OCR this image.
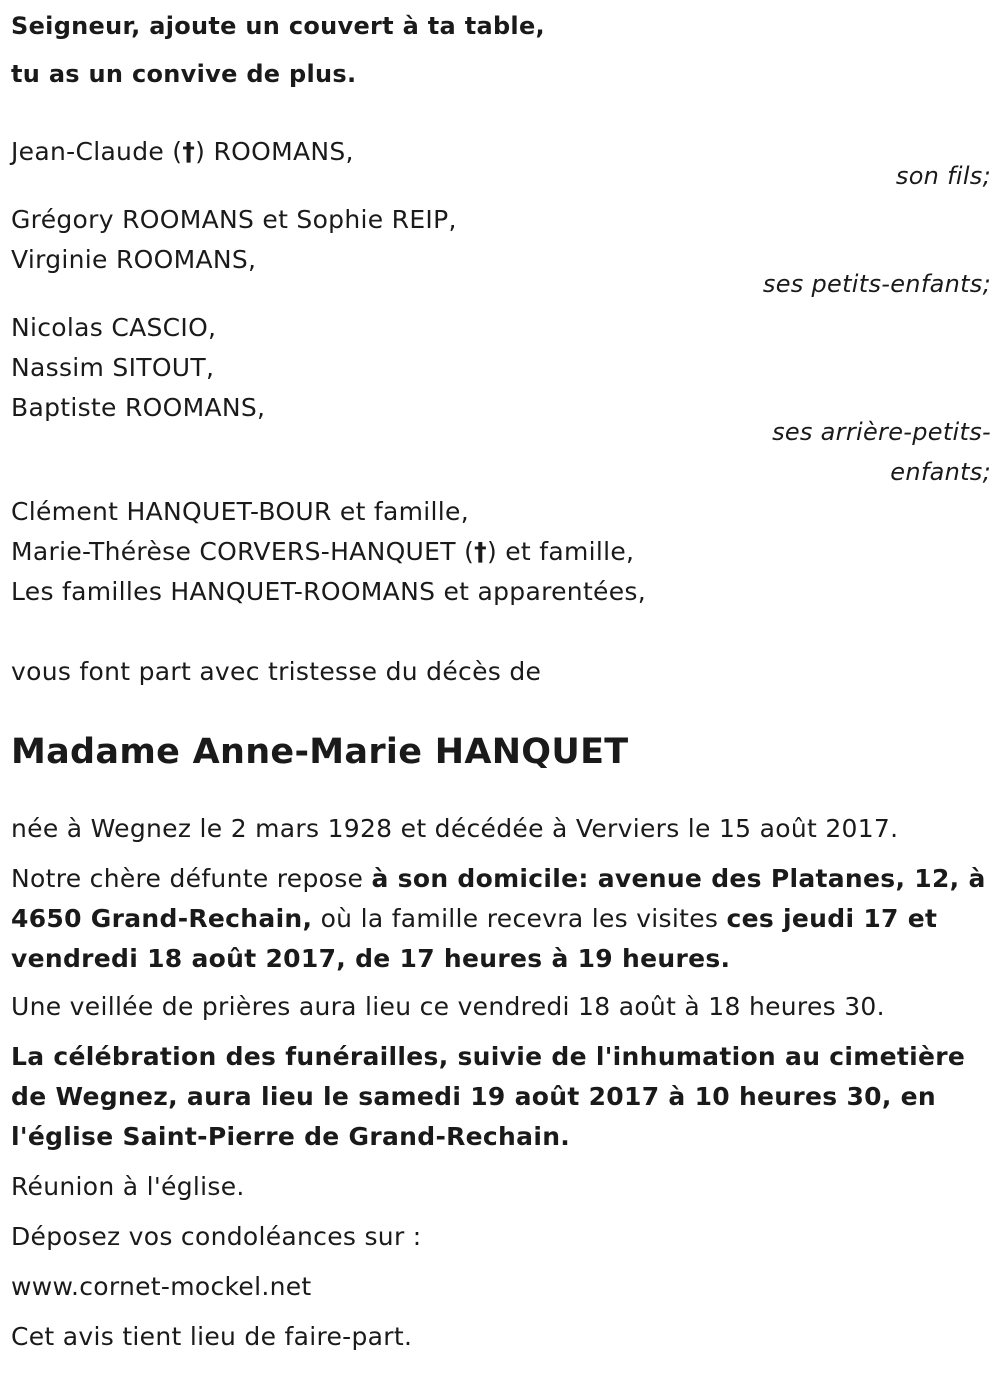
Seigneur, ajoute un couvert à ta table,
tu as un convive de plus.
Jean-Claude (†) ROOMANS,
son fils;
Grégory ROOMANS et Sophie REIP,
Virginie ROOMANS,
ses petits-enfants;
Nicolas CASCIO,
Nassim SITOUT,
Baptiste ROOMANS,
ses arrière-petits-
enfants;
Clément HANQUET-BOUR et famille,
Marie-Thérèse CORVERS-HANQUET (†) et famille,
Les familles HANQUET-ROOMANS et apparentées,
vous font part avec tristesse du décès de
Madame Anne-Marie HANQUET
née à Wegnez le 2 mars 1928 et décédée à Verviers le 15 août 2017.
Notre chère défunte repose à son domicile: avenue des Platanes, 12, à 4650 Grand-Rechain, où la famille recevra les visites ces jeudi 17 et vendredi 18 août 2017, de 17 heures à 19 heures.
Une veillée de prières aura lieu ce vendredi 18 août à 18 heures 30.
La célébration des funérailles, suivie de l'inhumation au cimetière de Wegnez, aura lieu le samedi 19 août 2017 à 10 heures 30, en l'église Saint-Pierre de Grand-Rechain.
Réunion à l'église.
Déposez vos condoléances sur :
www.cornet-mockel.net
Cet avis tient lieu de faire-part.
